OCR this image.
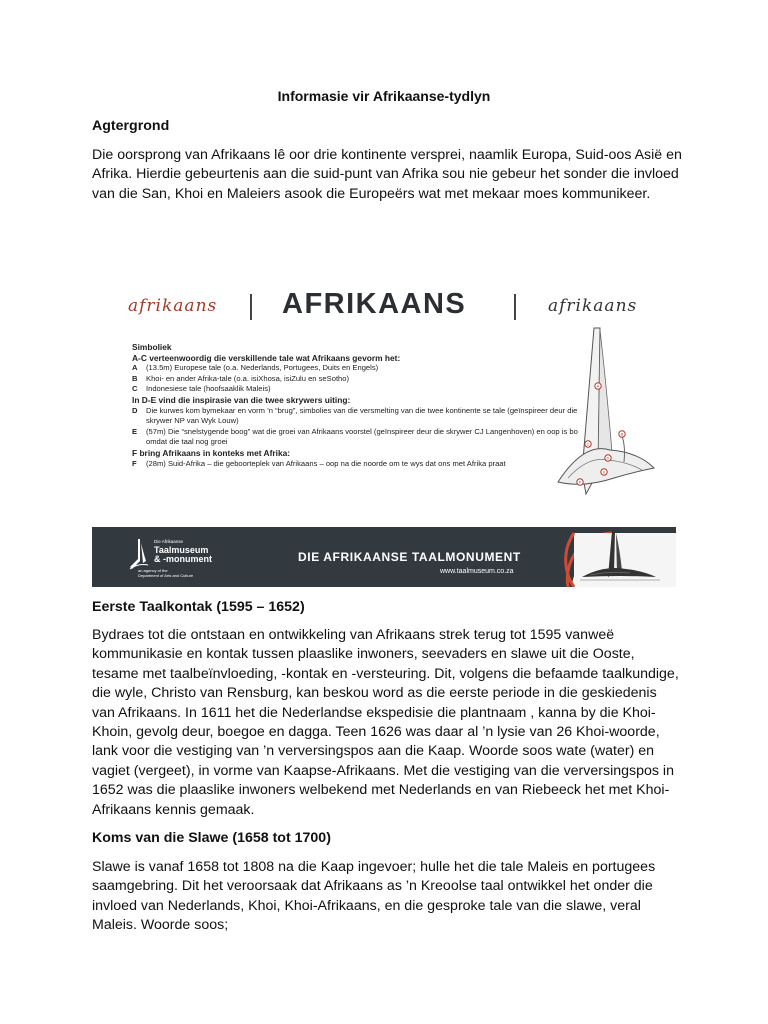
Informasie vir Afrikaanse-tydlyn
Agtergrond

Die oorsprong van Afrikaans lê oor drie kontinente versprei, naamlik Europa, Suid-oos Asië en Afrika. Hierdie gebeurtenis aan die suid-punt van Afrika sou nie gebeur het sonder die invloed van die San, Khoi en Maleiers asook die Europeërs wat met mekaar moes kommunikeer.

afrikaans AFRIKAANS	afrikaans
Simboliek
A-C verteenwoordig die verskillende tale wat Afrikaans gevorm het:
A	(13.5m) Europese tale (o.a. Nederlands, Portugees, Duits en Engels)
B	Khoi- en ander Afrika-tale (o.a. isiXhosa, isiZulu en seSotho)
C	Indonesiese tale (hoofsaaklik Maleis)
In D-E vind die inspirasie van die twee skrywers uiting:
D	Die kurwes kom bymekaar en vorm ’n “brug”, simbolies van die versmelting van die twee kontinente se tale (geïnspireer deur die skrywer NP van Wyk Louw)
E	(57m) Die “snelstygende boog” wat die groei van Afrikaans voorstel (geïnspireer deur die skrywer CJ Langenhoven) en oop is bo omdat die taal nog groei
F bring Afrikaans in konteks met Afrika:
F	(28m) Suid-Afrika – die geboorteplek van Afrikaans – oop na die noorde om te wys dat ons met Afrika praat
A
B
C
D
E
F
Die Afrikaanse
Taalmuseum
& -monument
an agency of the
Department of Arts and Culture
DIE AFRIKAANSE TAALMONUMENT
www.taalmuseum.co.za
Eerste Taalkontak (1595 – 1652)

Bydraes tot die ontstaan en ontwikkeling van Afrikaans strek terug tot 1595 vanweë kommunikasie en kontak tussen plaaslike inwoners, seevaders en slawe uit die Ooste, tesame met taalbeïnvloeding, -kontak en -versteuring. Dit, volgens die befaamde taalkundige, die wyle, Christo van Rensburg, kan beskou word as die eerste periode in die geskiedenis van Afrikaans. In 1611 het die Nederlandse ekspedisie die plantnaam , kanna by die Khoi-Khoin, gevolg deur, boegoe en dagga. Teen 1626 was daar al ’n lysie van 26 Khoi-woorde, lank voor die vestiging van ’n verversingspos aan die Kaap. Woorde soos wate (water) en vagiet (vergeet), in vorme van Kaapse-Afrikaans. Met die vestiging van die verversingspos in 1652 was die plaaslike inwoners welbekend met Nederlands en van Riebeeck het met Khoi-Afrikaans kennis gemaak.

Koms van die Slawe (1658 tot 1700)

Slawe is vanaf 1658 tot 1808 na die Kaap ingevoer; hulle het die tale Maleis en portugees saamgebring. Dit het veroorsaak dat Afrikaans as ’n Kreoolse taal ontwikkel het onder die invloed van Nederlands, Khoi, Khoi-Afrikaans, en die gesproke tale van die slawe, veral Maleis. Woorde soos;
